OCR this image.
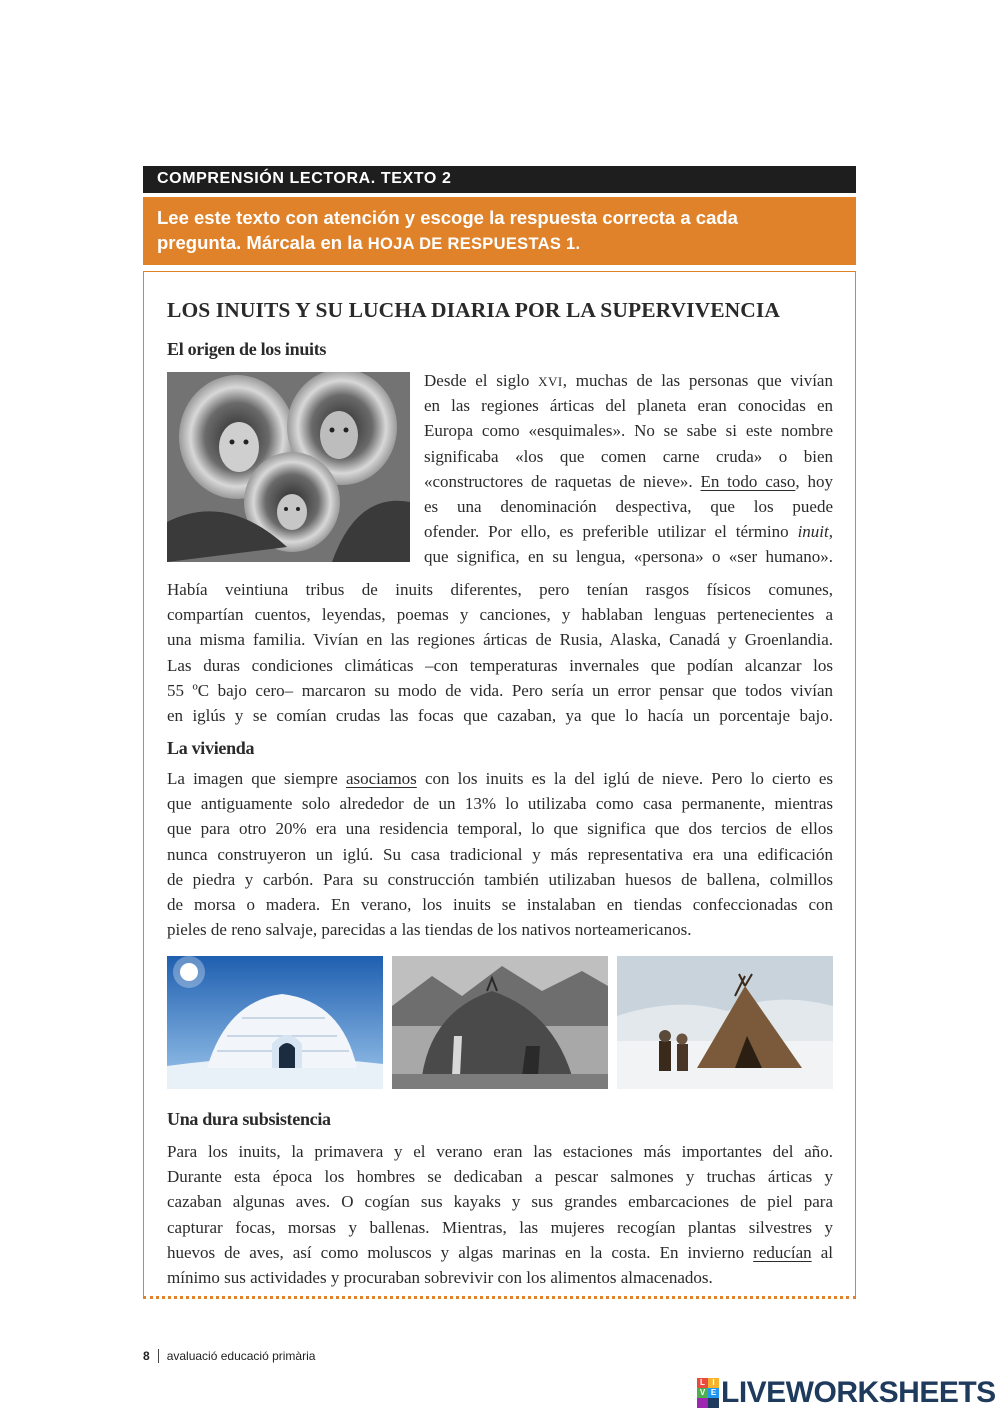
COMPRENSIÓN LECTORA. TEXTO 2
Lee este texto con atención y escoge la respuesta correcta a cada
pregunta. Márcala en la HOJA DE RESPUESTAS 1.
LOS INUITS Y SU LUCHA DIARIA POR LA SUPERVIVENCIA
El origen de los inuits
Desde el siglo XVI, muchas de las personas que vivían
en las regiones árticas del planeta eran conocidas en
Europa como «esquimales». No se sabe si este nombre
significaba «los que comen carne cruda» o bien
«constructores de raquetas de nieve». En todo caso, hoy
es una denominación despectiva, que los puede
ofender. Por ello, es preferible utilizar el término inuit,
que significa, en su lengua, «persona» o «ser humano».
Había veintiuna tribus de inuits diferentes, pero tenían rasgos físicos comunes,
compartían cuentos, leyendas, poemas y canciones, y hablaban lenguas pertenecientes a
una misma familia. Vivían en las regiones árticas de Rusia, Alaska, Canadá y Groenlandia.
Las duras condiciones climáticas –con temperaturas invernales que podían alcanzar los
55 ºC bajo cero– marcaron su modo de vida. Pero sería un error pensar que todos vivían
en iglús y se comían crudas las focas que cazaban, ya que lo hacía un porcentaje bajo.
La vivienda
La imagen que siempre asociamos con los inuits es la del iglú de nieve. Pero lo cierto es
que antiguamente solo alrededor de un 13% lo utilizaba como casa permanente, mientras
que para otro 20% era una residencia temporal, lo que significa que dos tercios de ellos
nunca construyeron un iglú. Su casa tradicional y más representativa era una edificación
de piedra y carbón. Para su construcción también utilizaban huesos de ballena, colmillos
de morsa o madera. En verano, los inuits se instalaban en tiendas confeccionadas con
pieles de reno salvaje, parecidas a las tiendas de los nativos norteamericanos.
Una dura subsistencia
Para los inuits, la primavera y el verano eran las estaciones más importantes del año.
Durante esta época los hombres se dedicaban a pescar salmones y truchas árticas y
cazaban algunas aves. O cogían sus kayaks y sus grandes embarcaciones de piel para
capturar focas, morsas y ballenas. Mientras, las mujeres recogían plantas silvestres y
huevos de aves, así como moluscos y algas marinas en la costa. En invierno reducían al
mínimo sus actividades y procuraban sobrevivir con los alimentos almacenados.
8 avaluació educació primària
L I
V E LIVEWORKSHEETS
